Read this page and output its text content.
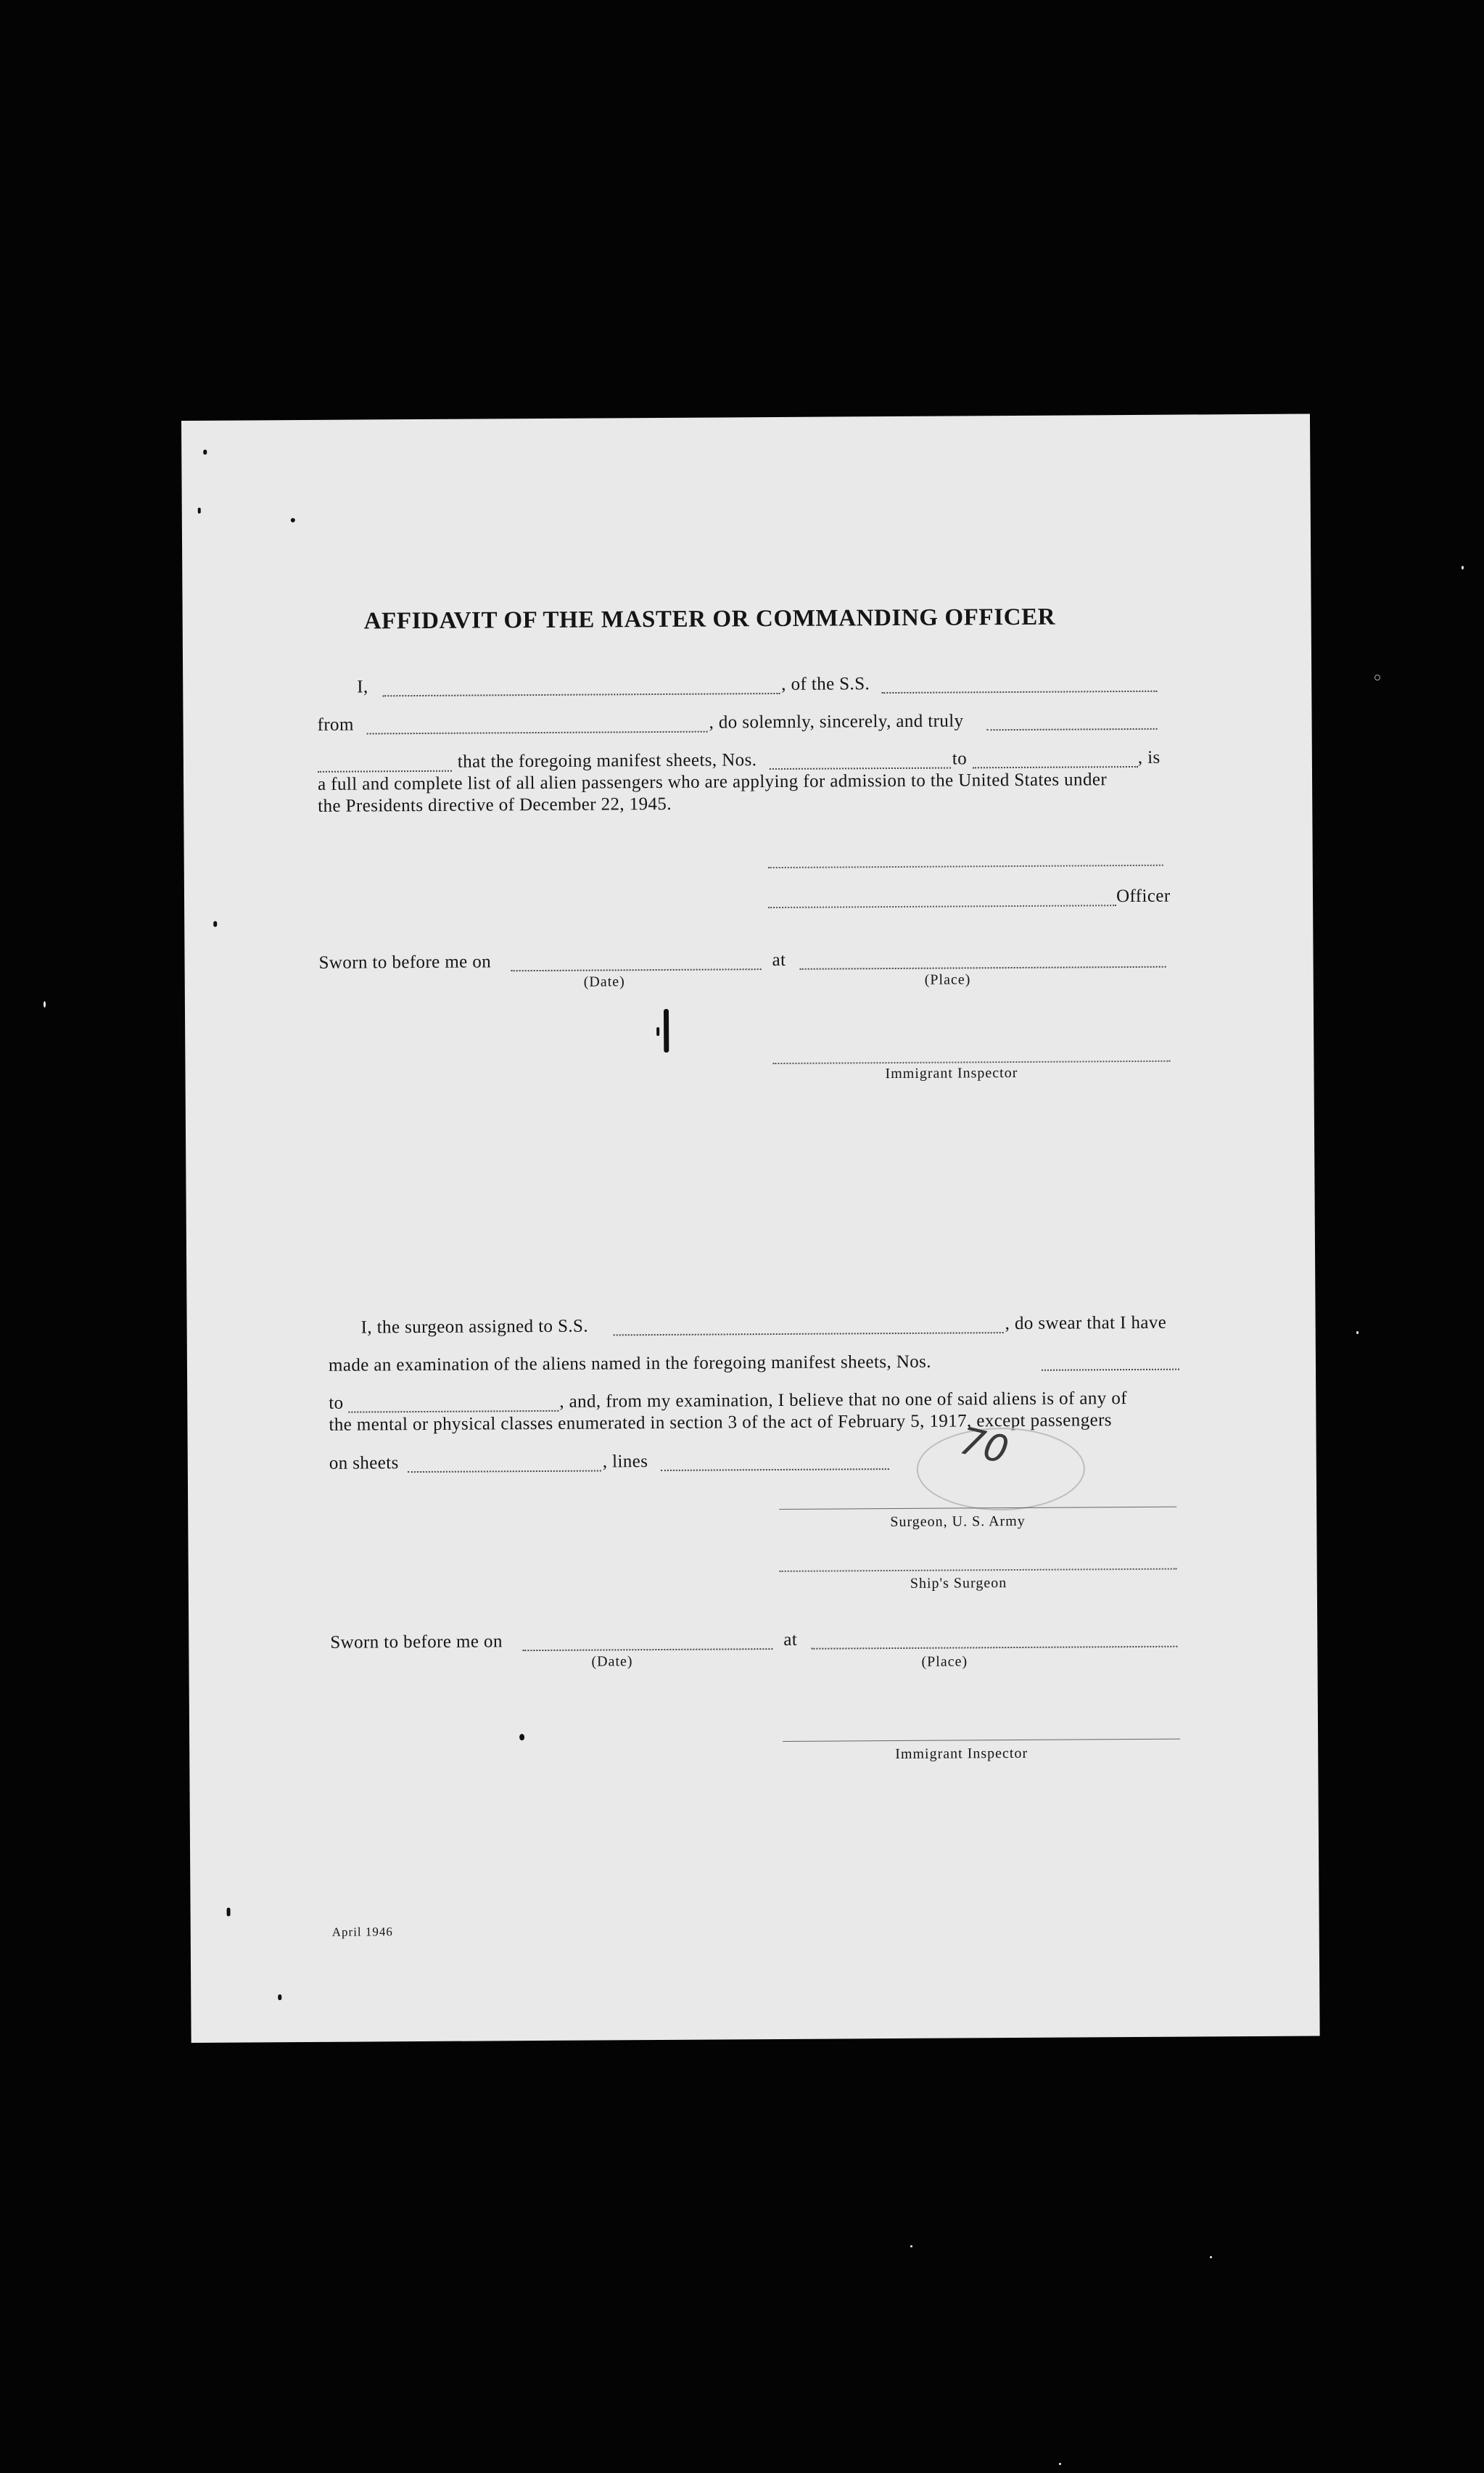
AFFIDAVIT OF THE MASTER OR COMMANDING OFFICER
I,	, of the S.S.
from	, do solemnly, sincerely, and truly
that the foregoing manifest sheets, Nos.	to	, is
a full and complete list of all alien passengers who are applying for admission to the United States under
the Presidents directive of December 22, 1945.
Officer
Sworn to before me on	at
(Date)	(Place)
Immigrant Inspector
I, the surgeon assigned to S.S.	, do swear that I have
made an examination of the aliens named in the foregoing manifest sheets, Nos.
to	, and, from my examination, I believe that no one of said aliens is of any of
the mental or physical classes enumerated in section 3 of the act of February 5, 1917, except passengers
on sheets	, lines	70
Surgeon, U. S. Army
Ship's Surgeon
Sworn to before me on	at
(Date)	(Place)
Immigrant Inspector
April 1946
